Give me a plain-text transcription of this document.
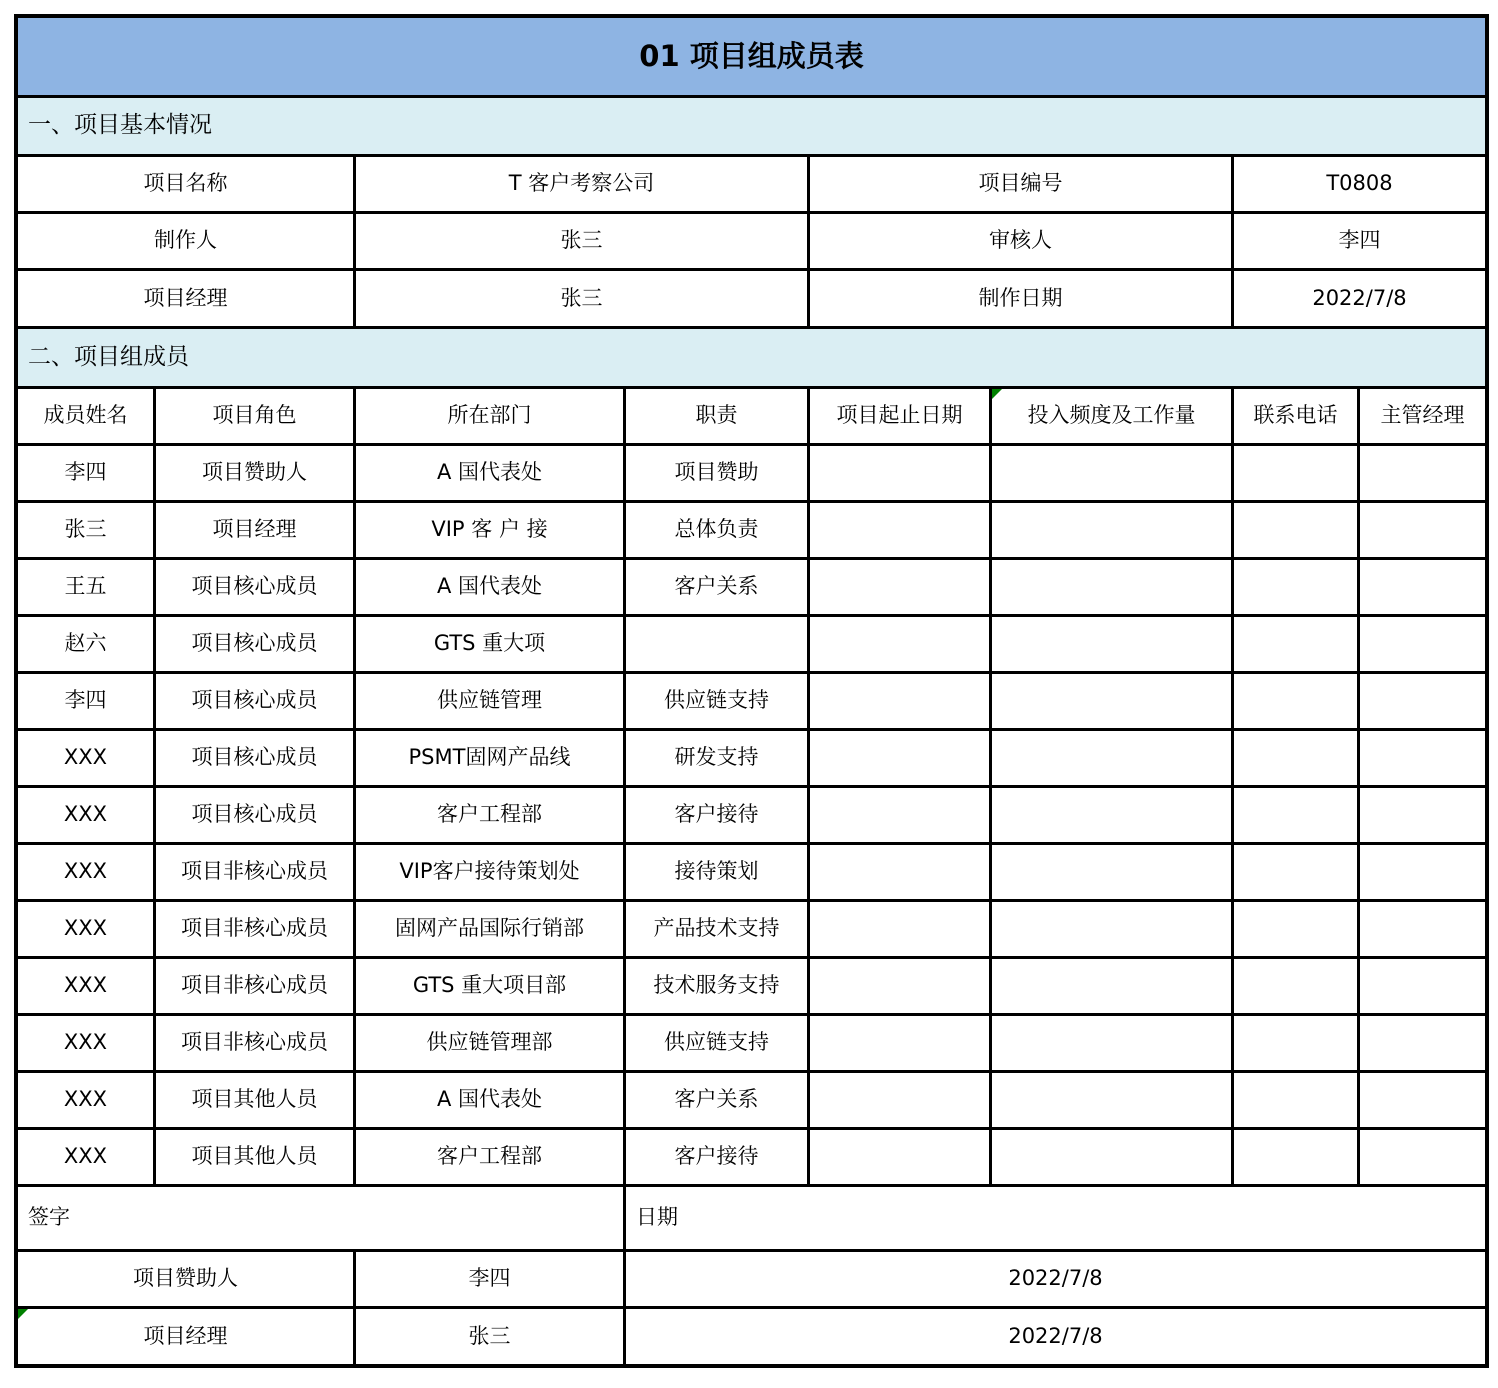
01 项目组成员表
一、项目基本情况
项目名称	T 客户考察公司	项目编号	T0808
制作人	张三	审核人	李四
项目经理	张三	制作日期	2022/7/8
二、项目组成员
成员姓名	项目角色	所在部门	职责	项目起止日期	投入频度及工作量	联系电话	主管经理
李四	项目赞助人	A 国代表处	项目赞助
张三	项目经理	VIP 客 户 接	总体负责
王五	项目核心成员	A 国代表处	客户关系
赵六	项目核心成员	GTS 重大项
李四	项目核心成员	供应链管理	供应链支持
XXX	项目核心成员	PSMT固网产品线	研发支持
XXX	项目核心成员	客户工程部	客户接待
XXX	项目非核心成员	VIP客户接待策划处	接待策划
XXX	项目非核心成员	固网产品国际行销部	产品技术支持
XXX	项目非核心成员	GTS 重大项目部	技术服务支持
XXX	项目非核心成员	供应链管理部	供应链支持
XXX	项目其他人员	A 国代表处	客户关系
XXX	项目其他人员	客户工程部	客户接待
签字	日期
项目赞助人	李四	2022/7/8
项目经理	张三	2022/7/8
